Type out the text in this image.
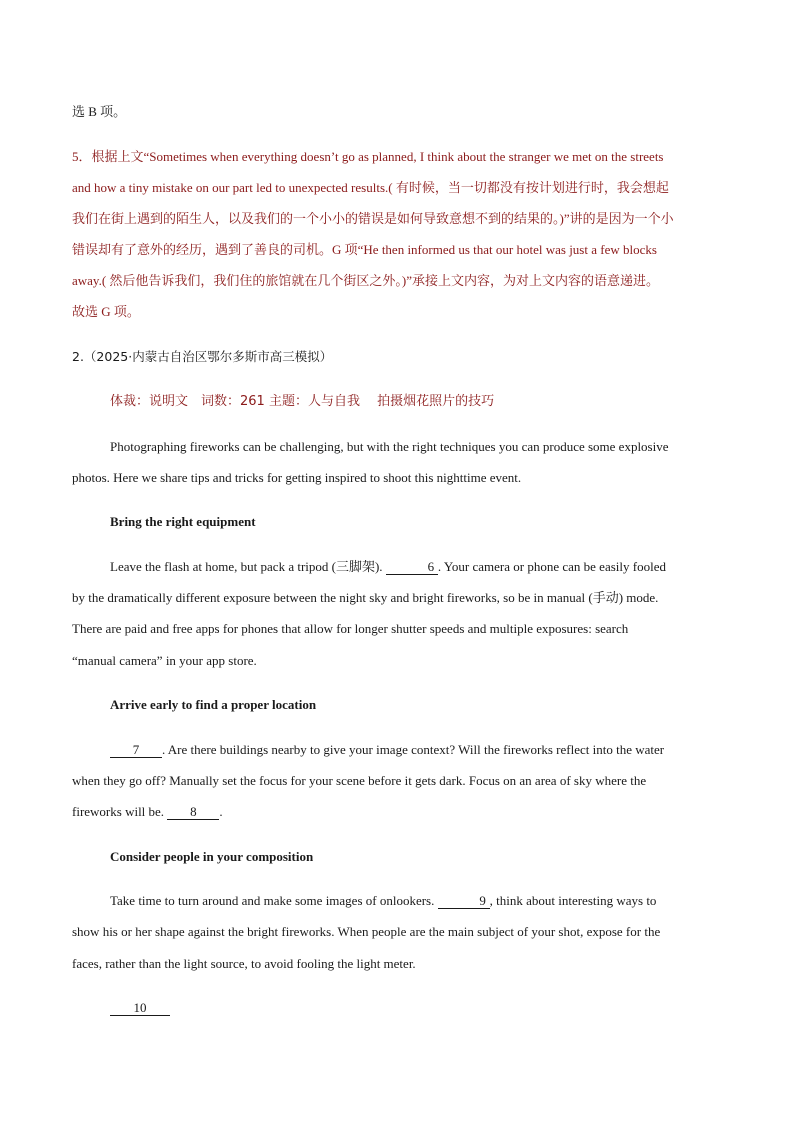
选 B 项。

5．根据上文“Sometimes when everything doesn’t go as planned, I think about the stranger we met on the streets

and how a tiny mistake on our part led to unexpected results.( 有时候，当一切都没有按计划进行时，我会想起

我们在街上遇到的陌生人，以及我们的一个小小的错误是如何导致意想不到的结果的。)”讲的是因为一个小

错误却有了意外的经历，遇到了善良的司机。G 项“He then informed us that our hotel was just a few blocks

away.( 然后他告诉我们，我们住的旅馆就在几个街区之外。)”承接上文内容，为对上文内容的语意递进。

故选 G 项。

2.（2025·内蒙古自治区鄂尔多斯市高三模拟）

体裁：说明文　词数：261 主题：人与自我　 拍摄烟花照片的技巧

Photographing fireworks can be challenging, but with the right techniques you can produce some explosive

photos. Here we share tips and tricks for getting inspired to shoot this nighttime event.

Bring the right equipment

Leave the flash at home, but pack a tripod (三脚架).	6 . Your camera or phone can be easily fooled

by the dramatically different exposure between the night sky and bright fireworks, so be in manual (手动) mode.

There are paid and free apps for phones that allow for longer shutter speeds and multiple exposures: search

“manual camera” in your app store.

Arrive early to find a proper location

7 . Are there buildings nearby to give your image context? Will the fireworks reflect into the water

when they go off? Manually set the focus for your scene before it gets dark. Focus on an area of sky where the

fireworks will be. 8 .

Consider people in your composition

Take time to turn around and make some images of onlookers.	9 , think about interesting ways to

show his or her shape against the bright fireworks. When people are the main subject of your shot, expose for the

faces, rather than the light source, to avoid fooling the light meter.

10
